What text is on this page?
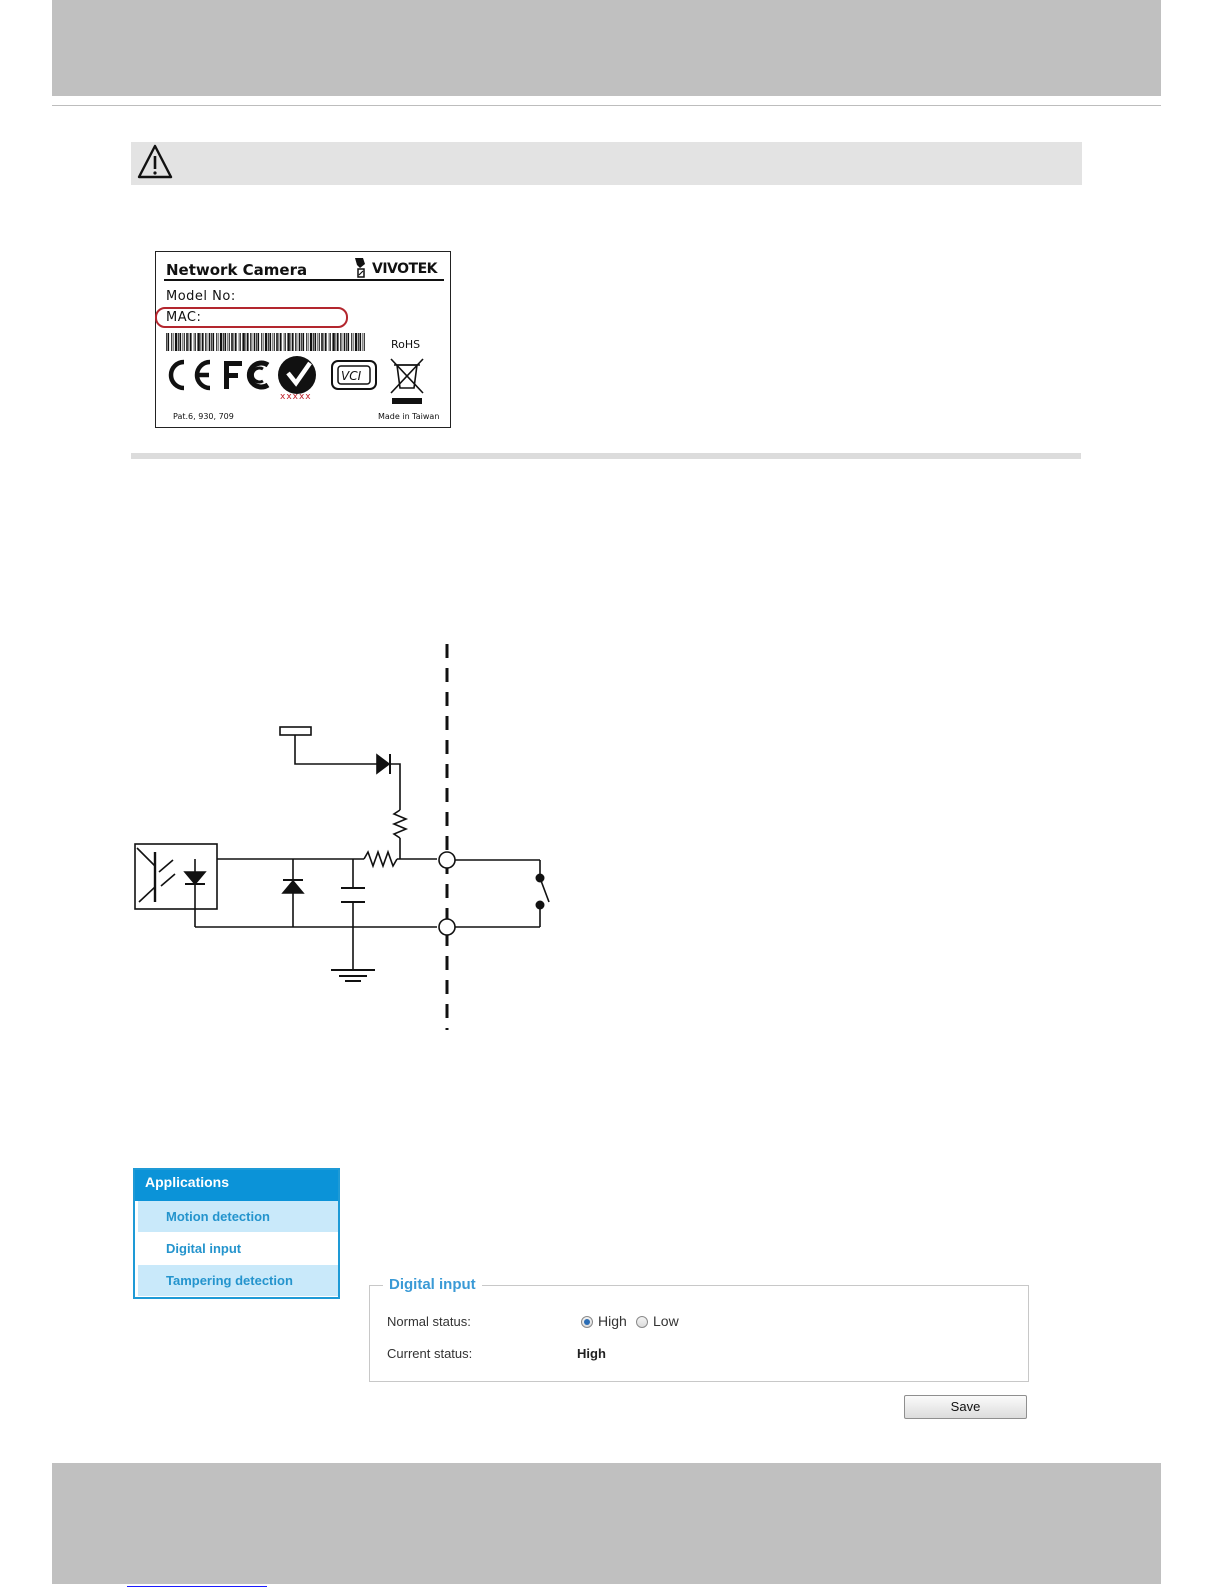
Network Camera	VIVOTEK
Model No:
MAC:
RoHS
VCI
xxxxx
Pat.6, 930, 709	Made in Taiwan
Applications
Motion detection
Digital input
Tampering detection	Digital input
Normal status:	High Low
Current status:	High
Save
